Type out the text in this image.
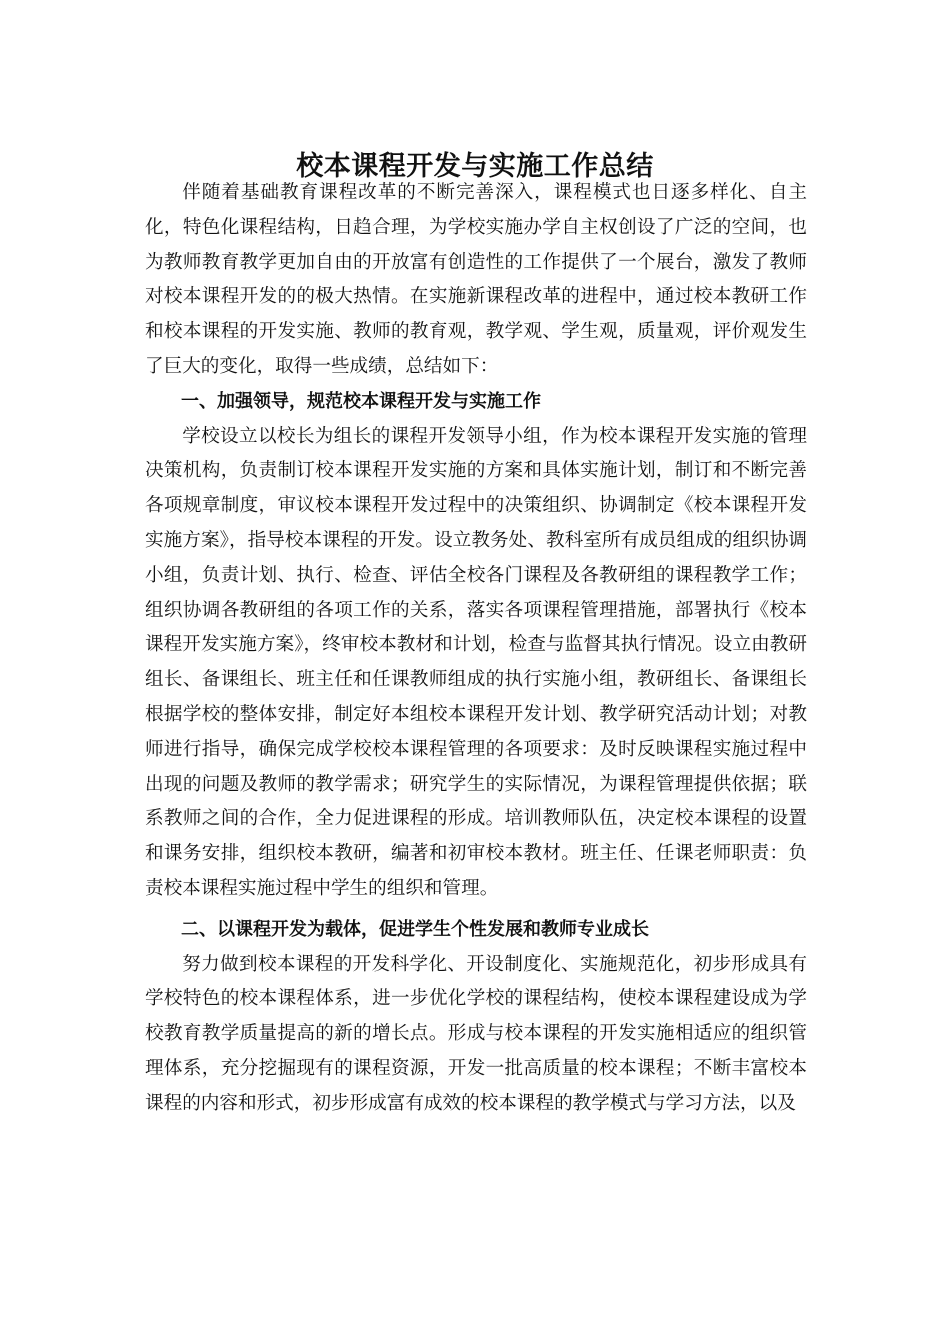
校本课程开发与实施工作总结

伴随着基础教育课程改革的不断完善深入，课程模式也日逐多样化、自主化，特色化课程结构，日趋合理，为学校实施办学自主权创设了广泛的空间，也为教师教育教学更加自由的开放富有创造性的工作提供了一个展台，激发了教师对校本课程开发的的极大热情。在实施新课程改革的进程中，通过校本教研工作和校本课程的开发实施、教师的教育观，教学观、学生观，质量观，评价观发生了巨大的变化，取得一些成绩，总结如下：

一、加强领导，规范校本课程开发与实施工作

学校设立以校长为组长的课程开发领导小组，作为校本课程开发实施的管理决策机构，负责制订校本课程开发实施的方案和具体实施计划，制订和不断完善各项规章制度，审议校本课程开发过程中的决策组织、协调制定《校本课程开发实施方案》，指导校本课程的开发。设立教务处、教科室所有成员组成的组织协调小组，负责计划、执行、检查、评估全校各门课程及各教研组的课程教学工作；组织协调各教研组的各项工作的关系，落实各项课程管理措施，部署执行《校本课程开发实施方案》，终审校本教材和计划，检查与监督其执行情况。设立由教研组长、备课组长、班主任和任课教师组成的执行实施小组，教研组长、备课组长根据学校的整体安排，制定好本组校本课程开发计划、教学研究活动计划；对教师进行指导，确保完成学校校本课程管理的各项要求：及时反映课程实施过程中出现的问题及教师的教学需求；研究学生的实际情况，为课程管理提供依据；联系教师之间的合作，全力促进课程的形成。培训教师队伍，决定校本课程的设置和课务安排，组织校本教研，编著和初审校本教材。班主任、任课老师职责：负责校本课程实施过程中学生的组织和管理。

二、以课程开发为载体，促进学生个性发展和教师专业成长

努力做到校本课程的开发科学化、开设制度化、实施规范化，初步形成具有学校特色的校本课程体系，进一步优化学校的课程结构，使校本课程建设成为学校教育教学质量提高的新的增长点。形成与校本课程的开发实施相适应的组织管理体系，充分挖掘现有的课程资源，开发一批高质量的校本课程；不断丰富校本课程的内容和形式，初步形成富有成效的校本课程的教学模式与学习方法，以及
